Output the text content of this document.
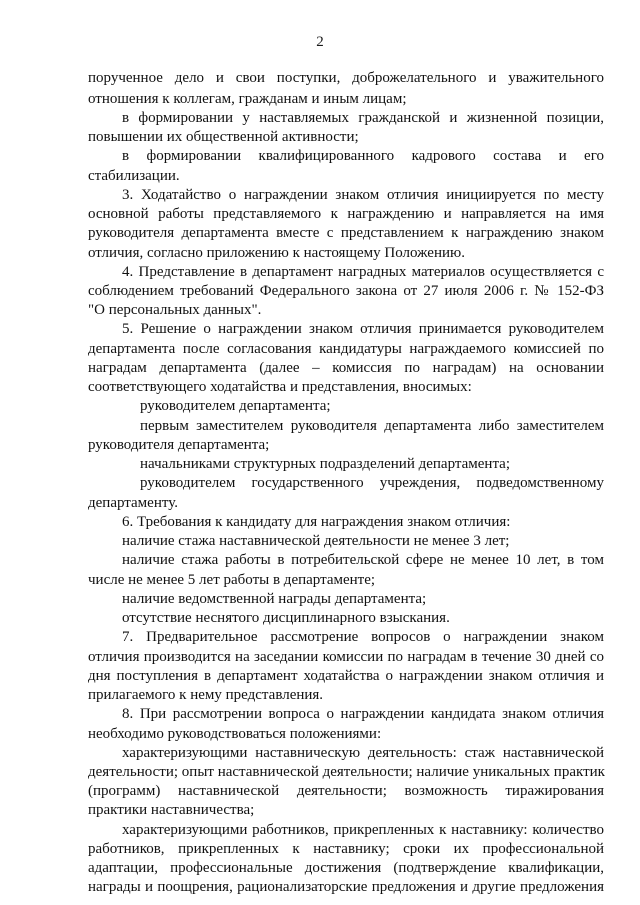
2
порученное дело и свои поступки, доброжелательного и уважительного
отношения к коллегам, гражданам и иным лицам;
в формировании у наставляемых гражданской и жизненной позиции,
повышении их общественной активности;
в формировании квалифицированного кадрового состава и его
стабилизации.
3. Ходатайство о награждении знаком отличия инициируется по месту
основной работы представляемого к награждению и направляется на имя
руководителя департамента вместе с представлением к награждению знаком
отличия, согласно приложению к настоящему Положению.
4. Представление в департамент наградных материалов осуществляется с
соблюдением требований Федерального закона от 27 июля 2006 г. № 152-ФЗ
"О персональных данных".
5. Решение о награждении знаком отличия принимается руководителем
департамента после согласования кандидатуры награждаемого комиссией по
наградам департамента (далее – комиссия по наградам) на основании
соответствующего ходатайства и представления, вносимых:
руководителем департамента;
первым заместителем руководителя департамента либо заместителем
руководителя департамента;
начальниками структурных подразделений департамента;
руководителем государственного учреждения, подведомственному
департаменту.
6. Требования к кандидату для награждения знаком отличия:
наличие стажа наставнической деятельности не менее 3 лет;
наличие стажа работы в потребительской сфере не менее 10 лет, в том
числе не менее 5 лет работы в департаменте;
наличие ведомственной награды департамента;
отсутствие неснятого дисциплинарного взыскания.
7. Предварительное рассмотрение вопросов о награждении знаком
отличия производится на заседании комиссии по наградам в течение 30 дней со
дня поступления в департамент ходатайства о награждении знаком отличия и
прилагаемого к нему представления.
8. При рассмотрении вопроса о награждении кандидата знаком отличия
необходимо руководствоваться положениями:
характеризующими наставническую деятельность: стаж наставнической
деятельности; опыт наставнической деятельности; наличие уникальных практик
(программ) наставнической деятельности; возможность тиражирования
практики наставничества;
характеризующими работников, прикрепленных к наставнику: количество
работников, прикрепленных к наставнику; сроки их профессиональной
адаптации, профессиональные достижения (подтверждение квалификации,
награды и поощрения, рационализаторские предложения и другие предложения
